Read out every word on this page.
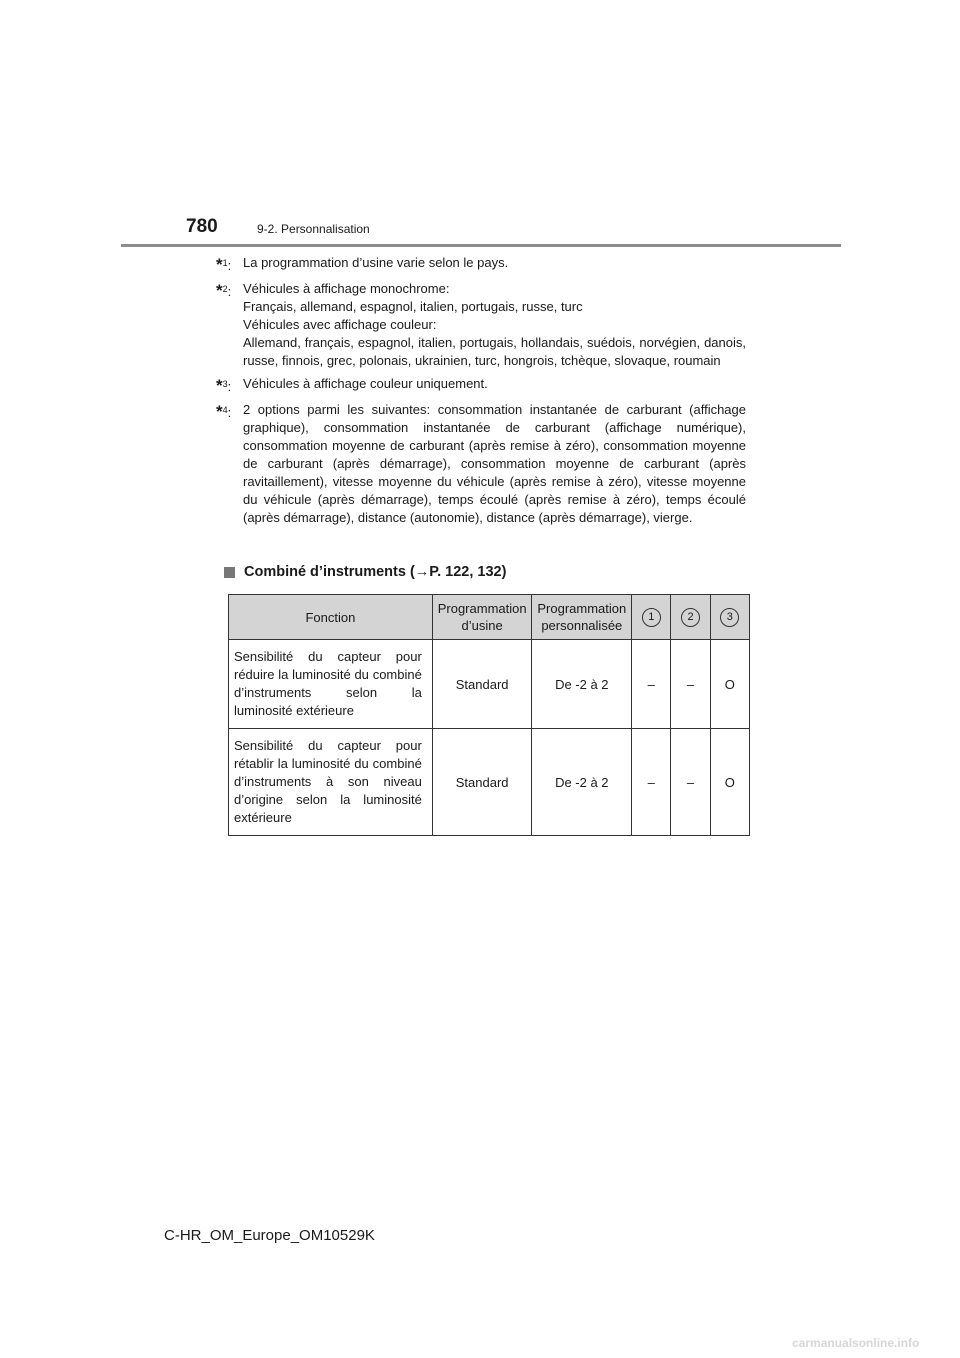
780	9-2. Personnalisation
*$^1$: La programmation d’usine varie selon le pays.
*$^2$: Véhicules à affichage monochrome:
Français, allemand, espagnol, italien, portugais, russe, turc
Véhicules avec affichage couleur:
Allemand, français, espagnol, italien, portugais, hollandais, suédois, norvégien, danois, russe, finnois, grec, polonais, ukrainien, turc, hongrois, tchèque, slovaque, roumain
*$^3$: Véhicules à affichage couleur uniquement.
*$^4$: 2 options parmi les suivantes: consommation instantanée de carburant (affichage graphique), consommation instantanée de carburant (affichage numérique), consommation moyenne de carburant (après remise à zéro), consommation moyenne de carburant (après démarrage), consommation moyenne de carburant (après ravitaillement), vitesse moyenne du véhicule (après remise à zéro), vitesse moyenne du véhicule (après démarrage), temps écoulé (après remise à zéro), temps écoulé (après démarrage), distance (autonomie), distance (après démarrage), vierge.
Combiné d’instruments ( → P. 122, 132)
Fonction	Programmation d’usine	Programmation personnalisée	1	2	3
Sensibilité du capteur pour réduire la luminosité du combiné d’instruments selon la luminosité extérieure	Standard	De -2 à 2	–	–	O
Sensibilité du capteur pour rétablir la luminosité du combiné d’instruments à son niveau d’origine selon la luminosité extérieure	Standard	De -2 à 2	–	–	O
C-HR_OM_Europe_OM10529K
carmanualsonline.info
